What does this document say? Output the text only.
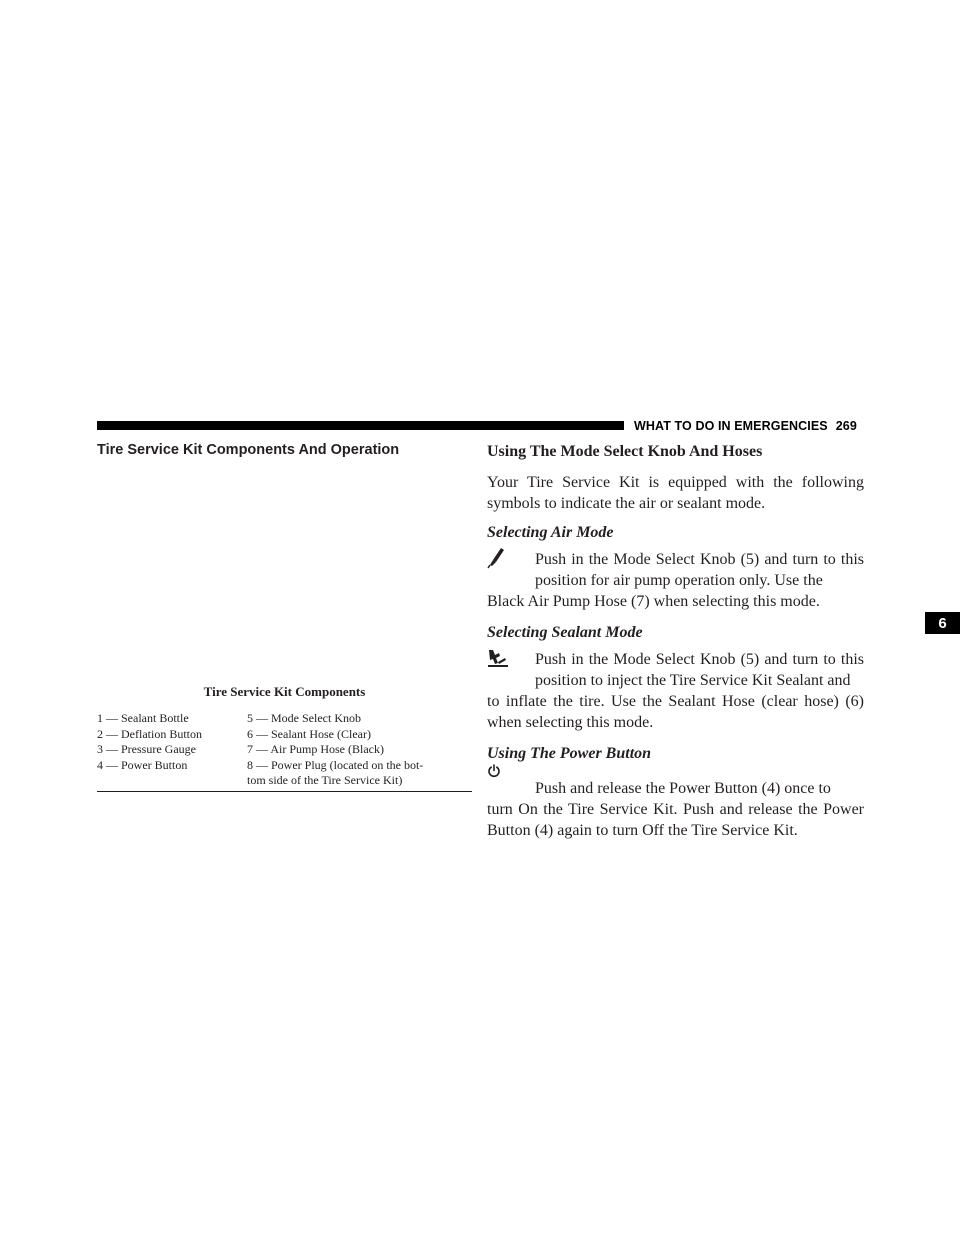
WHAT TO DO IN EMERGENCIES 269
6
Tire Service Kit Components And Operation
Tire Service Kit Components
1 — Sealant Bottle	5 — Mode Select Knob
2 — Deflation Button	6 — Sealant Hose (Clear)
3 — Pressure Gauge	7 — Air Pump Hose (Black)
4 — Power Button	8 — Power Plug (located on the bot-
tom side of the Tire Service Kit)
Using The Mode Select Knob And Hoses

Your Tire Service Kit is equipped with the following symbols to indicate the air or sealant mode.

Selecting Air Mode

Push in the Mode Select Knob (5) and turn to this position for air pump operation only. Use the

Black Air Pump Hose (7) when selecting this mode.

Selecting Sealant Mode

Push in the Mode Select Knob (5) and turn to this position to inject the Tire Service Kit Sealant and

to inflate the tire. Use the Sealant Hose (clear hose) (6) when selecting this mode.

Using The Power Button

Push and release the Power Button (4) once to

turn On the Tire Service Kit. Push and release the Power Button (4) again to turn Off the Tire Service Kit.
